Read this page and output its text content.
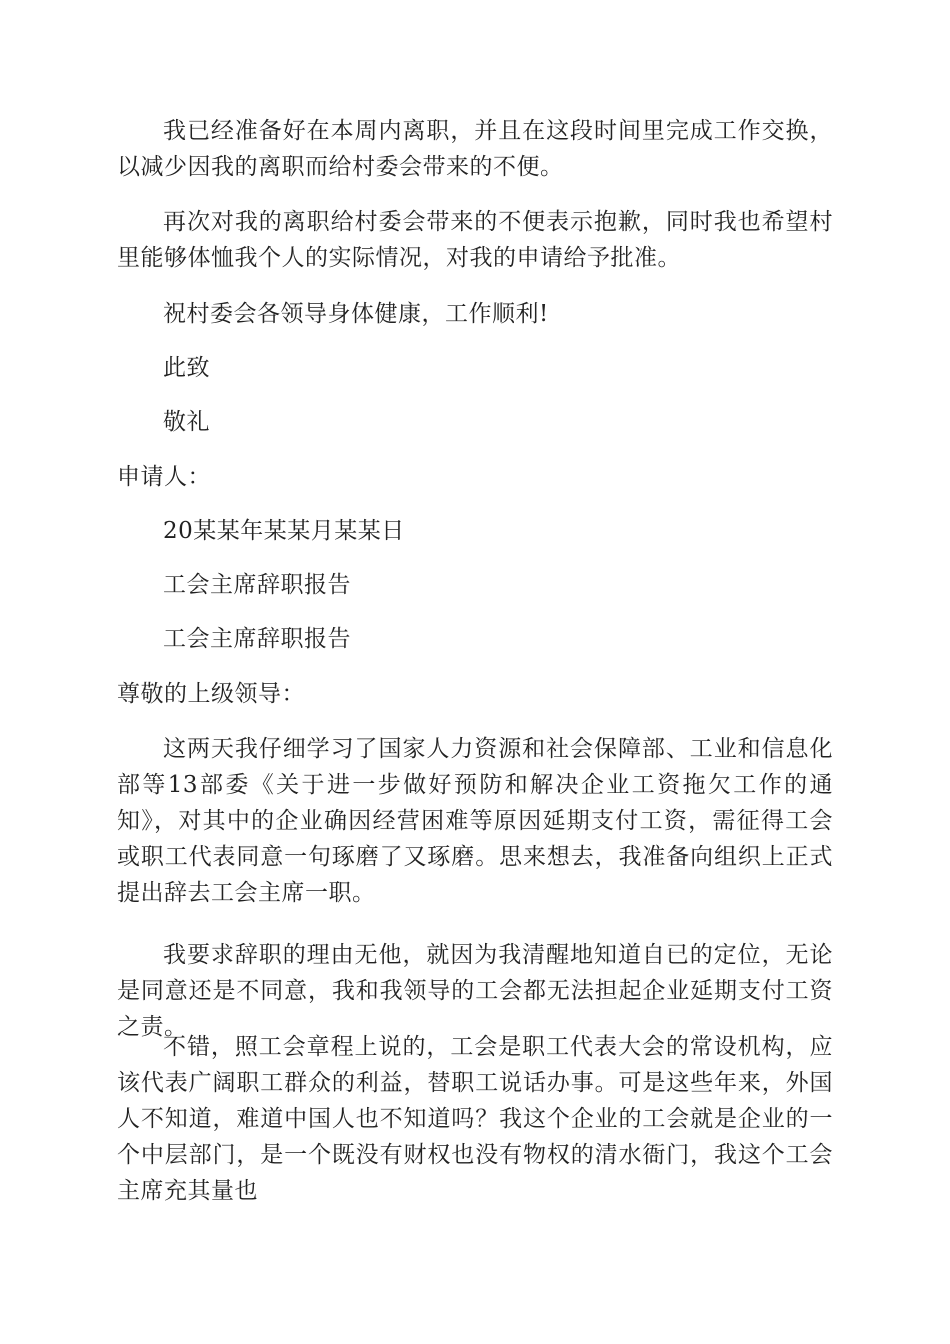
我已经准备好在本周内离职，并且在这段时间里完成工作交换，以减少因我的离职而给村委会带来的不便。

再次对我的离职给村委会带来的不便表示抱歉，同时我也希望村里能够体恤我个人的实际情况，对我的申请给予批准。

祝村委会各领导身体健康，工作顺利!

此致

敬礼

申请人：

20某某年某某月某某日

工会主席辞职报告

工会主席辞职报告

尊敬的上级领导：

这两天我仔细学习了国家人力资源和社会保障部、工业和信息化部等13部委《关于进一步做好预防和解决企业工资拖欠工作的通知》，对其中的企业确因经营困难等原因延期支付工资，需征得工会或职工代表同意一句琢磨了又琢磨。思来想去，我准备向组织上正式提出辞去工会主席一职。

我要求辞职的理由无他，就因为我清醒地知道自已的定位，无论是同意还是不同意，我和我领导的工会都无法担起企业延期支付工资之责。

不错，照工会章程上说的，工会是职工代表大会的常设机构，应该代表广阔职工群众的利益，替职工说话办事。可是这些年来，外国人不知道，难道中国人也不知道吗？我这个企业的工会就是企业的一个中层部门，是一个既没有财权也没有物权的清水衙门，我这个工会主席充其量也
